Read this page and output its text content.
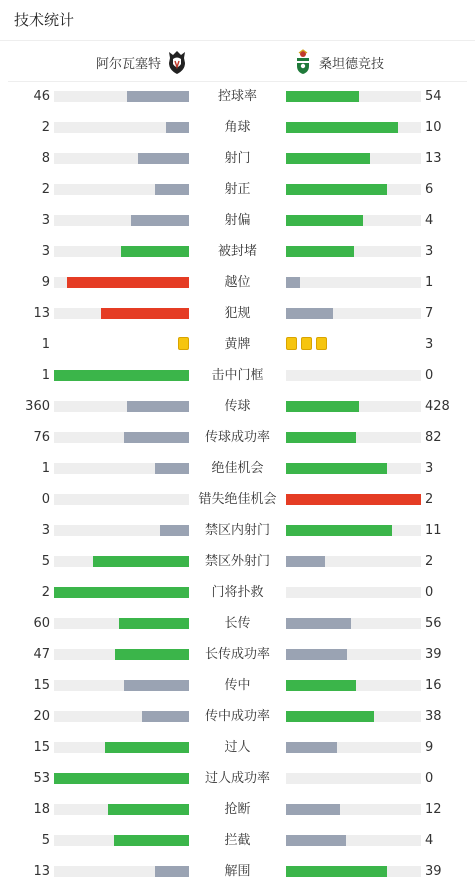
技术统计
阿尔瓦塞特	桑坦德竞技
46	控球率	54
2	角球	10
8	射门	13
2	射正	6
3	射偏	4
3	被封堵	3
9	越位	1
13	犯规	7
1	黄牌	3
1	击中门框	0
360	传球	428
76	传球成功率	82
1	绝佳机会	3
0	错失绝佳机会	2
3	禁区内射门	11
5	禁区外射门	2
2	门将扑救	0
60	长传	56
47	长传成功率	39
15	传中	16
20	传中成功率	38
15	过人	9
53	过人成功率	0
18	抢断	12
5	拦截	4
13	解围	39
